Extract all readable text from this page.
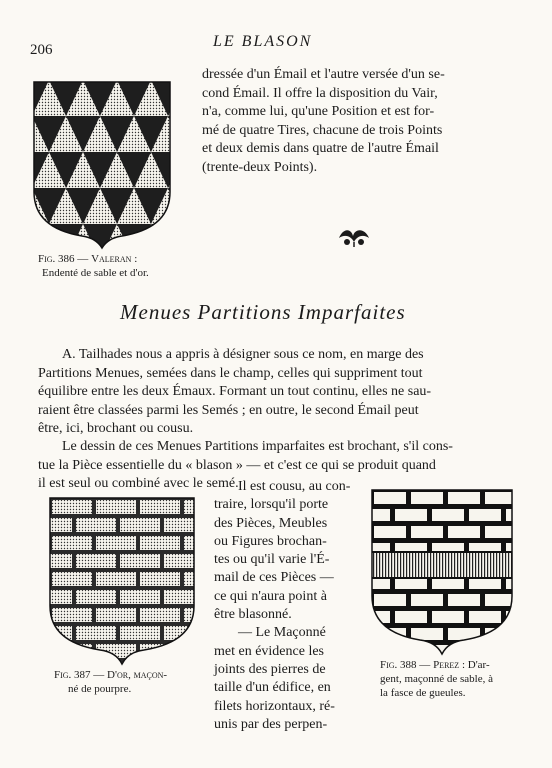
206	LE BLASON
Fig. 386 — Valeran :
Endenté de sable et d'or.
dressée d'un Émail et l'autre versée d'un se-
cond Émail. Il offre la disposition du Vair,
n'a, comme lui, qu'une Position et est for-
mé de quatre Tires, chacune de trois Points
et deux demis dans quatre de l'autre Émail
(trente-deux Points).
Menues Partitions Imparfaites
A. Tailhades nous a appris à désigner sous ce nom, en marge des
Partitions Menues, semées dans le champ, celles qui suppriment tout
équilibre entre les deux Émaux. Formant un tout continu, elles ne sau-
raient être classées parmi les Semés ; en outre, le second Émail peut
être, ici, brochant ou cousu.
Le dessin de ces Menues Partitions imparfaites est brochant, s'il cons-
tue la Pièce essentielle du « blason » — et c'est ce qui se produit quand
il est seul ou combiné avec le semé.
Fig. 387 — D'or, maçon-
né de pourpre.
Il est cousu, au con-
traire, lorsqu'il porte
des Pièces, Meubles
ou Figures brochan-
tes ou qu'il varie l'É-
mail de ces Pièces —
ce qui n'aura point à
être blasonné.
— Le Maçonné
met en évidence les
joints des pierres de
taille d'un édifice, en
filets horizontaux, ré-
unis par des perpen-
Fig. 388 — Perez : D'ar-
gent, maçonné de sable, à
la fasce de gueules.
